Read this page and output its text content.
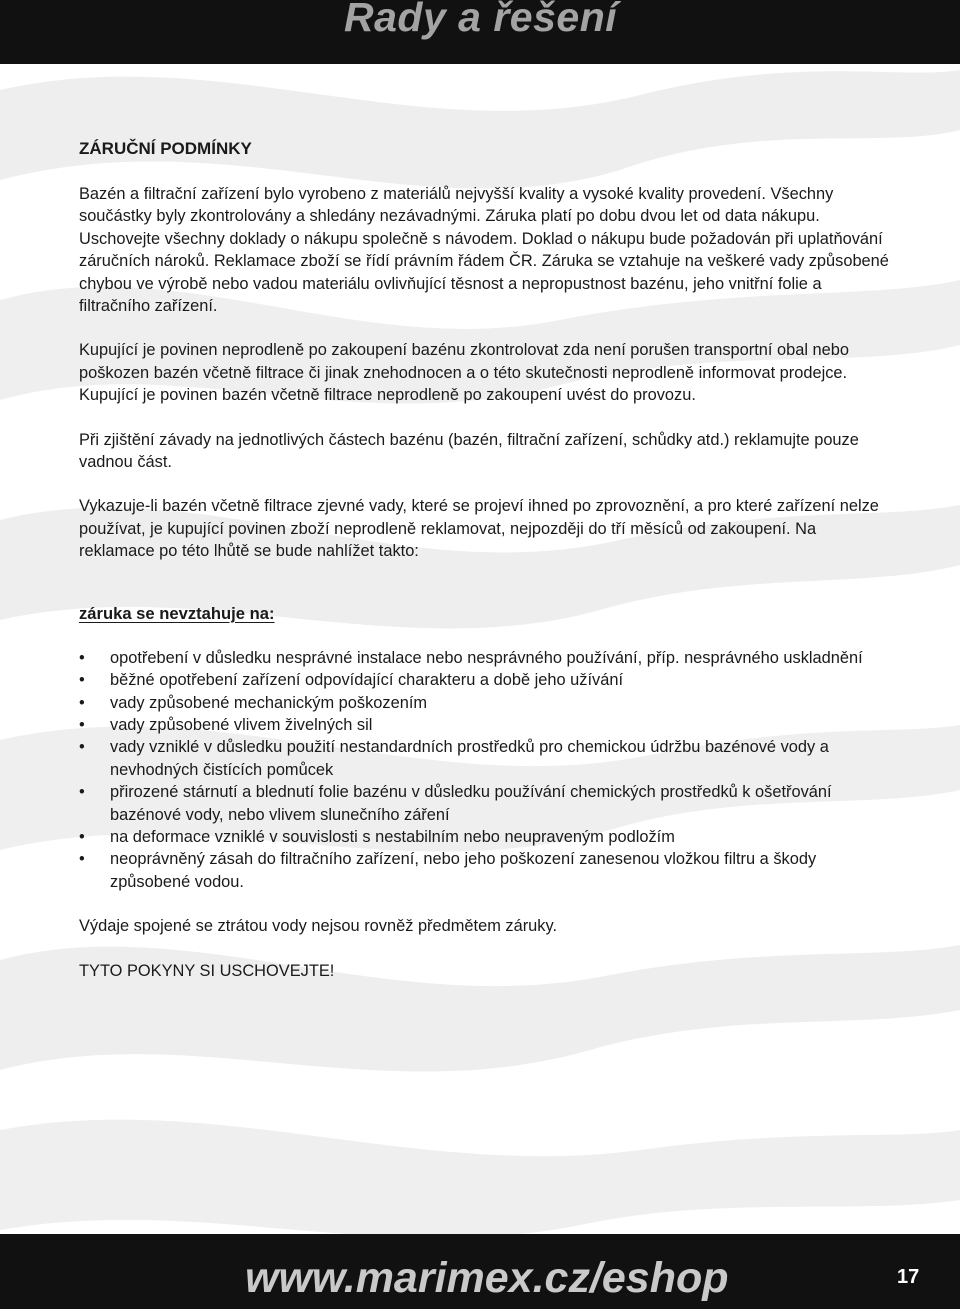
Rady a řešení
ZÁRUČNÍ PODMÍNKY

Bazén a filtrační zařízení bylo vyrobeno z materiálů nejvyšší kvality a vysoké kvality provedení. Všechny součástky byly zkontrolovány a shledány nezávadnými. Záruka platí po dobu dvou let od data nákupu. Uschovejte všechny doklady o nákupu společně s návodem. Doklad o nákupu bude požadován při uplatňování záručních nároků. Reklamace zboží se řídí právním řádem ČR. Záruka se vztahuje na veškeré vady způsobené chybou ve výrobě nebo vadou materiálu ovlivňující těsnost a nepropustnost bazénu, jeho vnitřní folie a filtračního zařízení.

Kupující je povinen neprodleně po zakoupení bazénu zkontrolovat zda není porušen transportní obal nebo poškozen bazén včetně filtrace či jinak znehodnocen a o této skutečnosti neprodleně informovat prodejce. Kupující je povinen bazén včetně filtrace neprodleně po zakoupení uvést do provozu.

Při zjištění závady na jednotlivých částech bazénu (bazén, filtrační zařízení, schůdky atd.) reklamujte pouze vadnou část.

Vykazuje-li bazén včetně filtrace zjevné vady, které se projeví ihned po zprovoznění, a pro které zařízení nelze používat, je kupující povinen zboží neprodleně reklamovat, nejpozději do tří měsíců od zakoupení. Na reklamace po této lhůtě se bude nahlížet takto:

záruka se nevztahuje na:
• opotřebení v důsledku nesprávné instalace nebo nesprávného používání, příp. nesprávného uskladnění
• běžné opotřebení zařízení odpovídající charakteru a době jeho užívání
• vady způsobené mechanickým poškozením
• vady způsobené vlivem živelných sil
• vady vzniklé v důsledku použití nestandardních prostředků pro chemickou údržbu bazénové vody a nevhodných čistících pomůcek
• přirozené stárnutí a blednutí folie bazénu v důsledku používání chemických prostředků k ošetřování bazénové vody, nebo vlivem slunečního záření
• na deformace vzniklé v souvislosti s nestabilním nebo neupraveným podložím
• neoprávněný zásah do filtračního zařízení, nebo jeho poškození zanesenou vložkou filtru a škody způsobené vodou.

Výdaje spojené se ztrátou vody nejsou rovněž předmětem záruky.

TYTO POKYNY SI USCHOVEJTE!

www.marimex.cz/eshop	17
